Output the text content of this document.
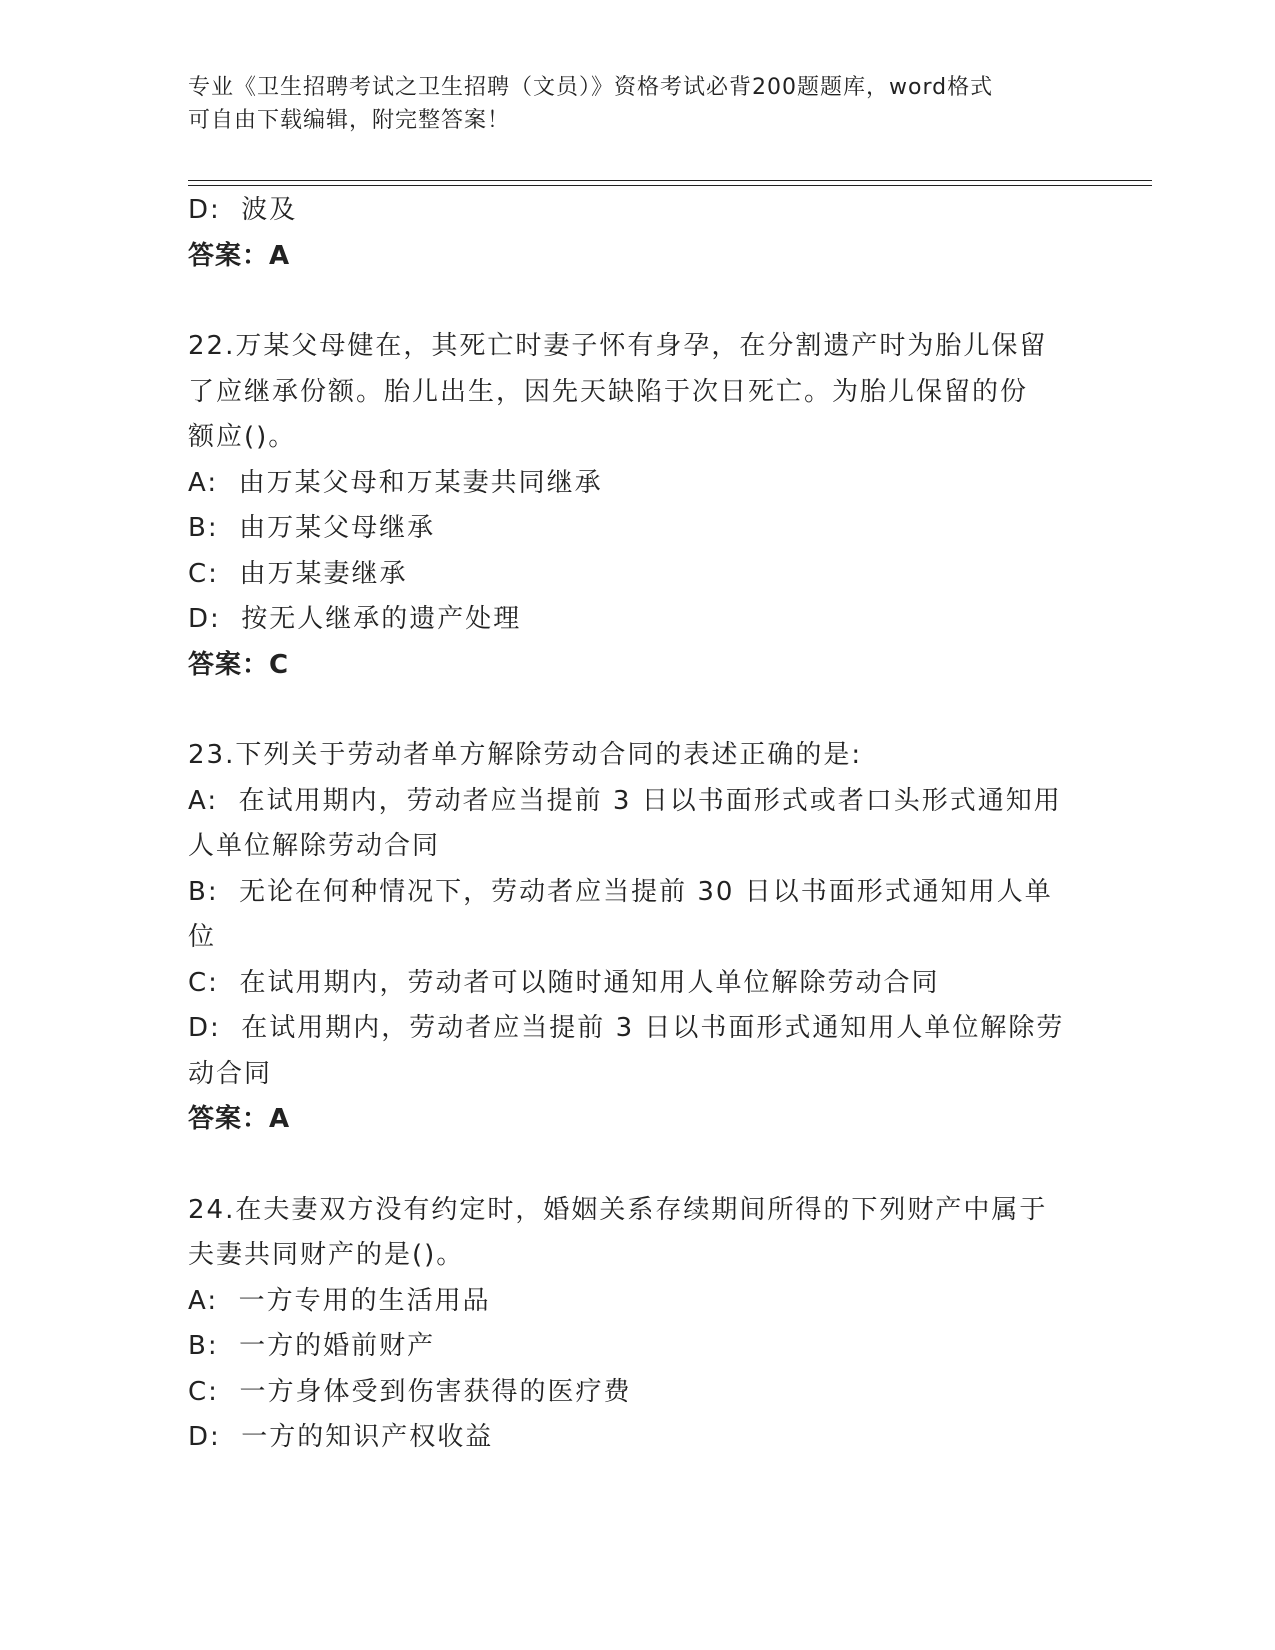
专业《卫生招聘考试之卫生招聘（文员）》资格考试必背200题题库，word格式

可自由下载编辑，附完整答案！

D:  波及

答案：A

22.万某父母健在，其死亡时妻子怀有身孕，在分割遗产时为胎儿保留

了应继承份额。胎儿出生，因先天缺陷于次日死亡。为胎儿保留的份

额应()。

A:  由万某父母和万某妻共同继承

B:  由万某父母继承

C:  由万某妻继承

D:  按无人继承的遗产处理

答案：C

23.下列关于劳动者单方解除劳动合同的表述正确的是:

A:  在试用期内，劳动者应当提前 3 日以书面形式或者口头形式通知用

人单位解除劳动合同

B:  无论在何种情况下，劳动者应当提前 30 日以书面形式通知用人单

位

C:  在试用期内，劳动者可以随时通知用人单位解除劳动合同

D:  在试用期内，劳动者应当提前 3 日以书面形式通知用人单位解除劳

动合同

答案：A

24.在夫妻双方没有约定时，婚姻关系存续期间所得的下列财产中属于

夫妻共同财产的是()。

A:  一方专用的生活用品

B:  一方的婚前财产

C:  一方身体受到伤害获得的医疗费

D:  一方的知识产权收益
